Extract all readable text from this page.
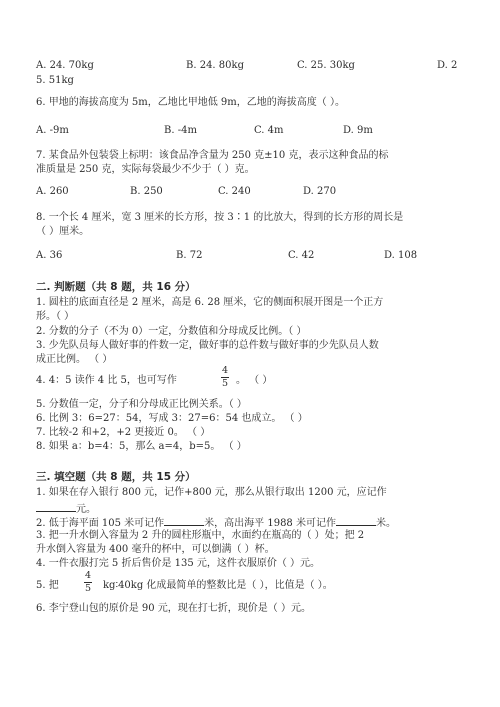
A. 24. 70kg	B. 24. 80kg	C. 25. 30kg	D. 2
5. 51kg
6. 甲地的海拔高度为 5m，乙地比甲地低 9m，乙地的海拔高度（ ）。
A. -9m	B. -4m	C. 4m	D. 9m
7. 某食品外包装袋上标明：该食品净含量为 250 克±10 克，表示这种食品的标
准质量是 250 克，实际每袋最少不少于（ ）克。
A. 260	B. 250	C. 240	D. 270
8. 一个长 4 厘米，宽 3 厘米的长方形，按 3∶1 的比放大，得到的长方形的周长是
（ ）厘米。
A. 36	B. 72	C. 42	D. 108
二. 判断题（共 8 题，共 16 分）
1. 圆柱的底面直径是 2 厘米，高是 6. 28 厘米，它的侧面积展开图是一个正方
形。（ ）
2. 分数的分子（不为 0）一定，分数值和分母成反比例。（ ）
3. 少先队员每人做好事的件数一定，做好事的总件数与做好事的少先队员人数
成正比例。 （ ）
4. 4：5 读作 4 比 5，也可写作
4
5 。 （ ）
5. 分数值一定，分子和分母成正比例关系。（ ）
6. 比例 3：6=27：54，写成 3：27=6：54 也成立。 （ ）
7. 比较-2 和+2，+2 更接近 0。 （ ）
8. 如果 a：b=4：5，那么 a=4，b=5。 （ ）
三. 填空题（共 8 题，共 15 分）
1. 如果在存入银行 800 元，记作+800 元，那么从银行取出 1200 元，应记作
元。
2. 低于海平面 105 米可记作	米，高出海平 1988 米可记作	米。
3. 把一升水倒入容量为 2 升的圆柱形瓶中，水面约在瓶高的（ ）处；把 2
升水倒入容量为 400 毫升的杯中，可以倒满（ ）杯。
4. 一件衣服打完 5 折后售价是 135 元，这件衣服原价（ ）元。
5. 把
4
5 kg∶40kg 化成最简单的整数比是（ ），比值是（ ）。
6. 李宁登山包的原价是 90 元，现在打七折，现价是（ ）元。
